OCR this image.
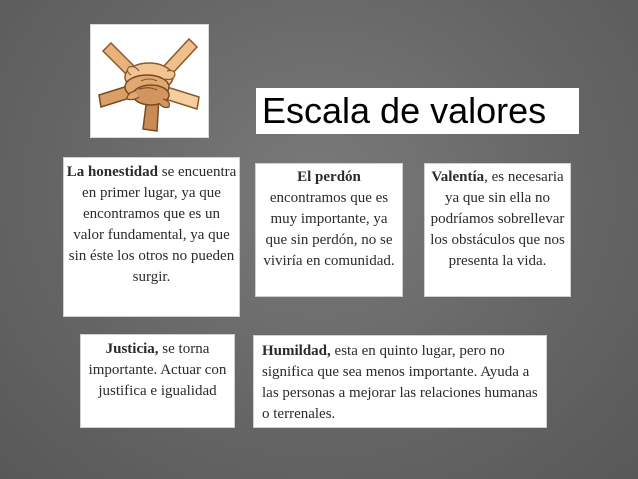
Escala de valores
La honestidad se encuentra en primer lugar, ya que encontramos que es un valor fundamental, ya que sin éste los otros no pueden surgir.
El perdón
encontramos que es muy importante, ya que sin perdón, no se viviría en comunidad.
Valentía, es necesaria ya que sin ella no podríamos sobrellevar los obstáculos que nos presenta la vida.
Justicia, se torna importante. Actuar con justifica e igualidad
Humildad, esta en quinto lugar, pero no significa que sea menos importante. Ayuda a las personas a mejorar las relaciones humanas o terrenales.
